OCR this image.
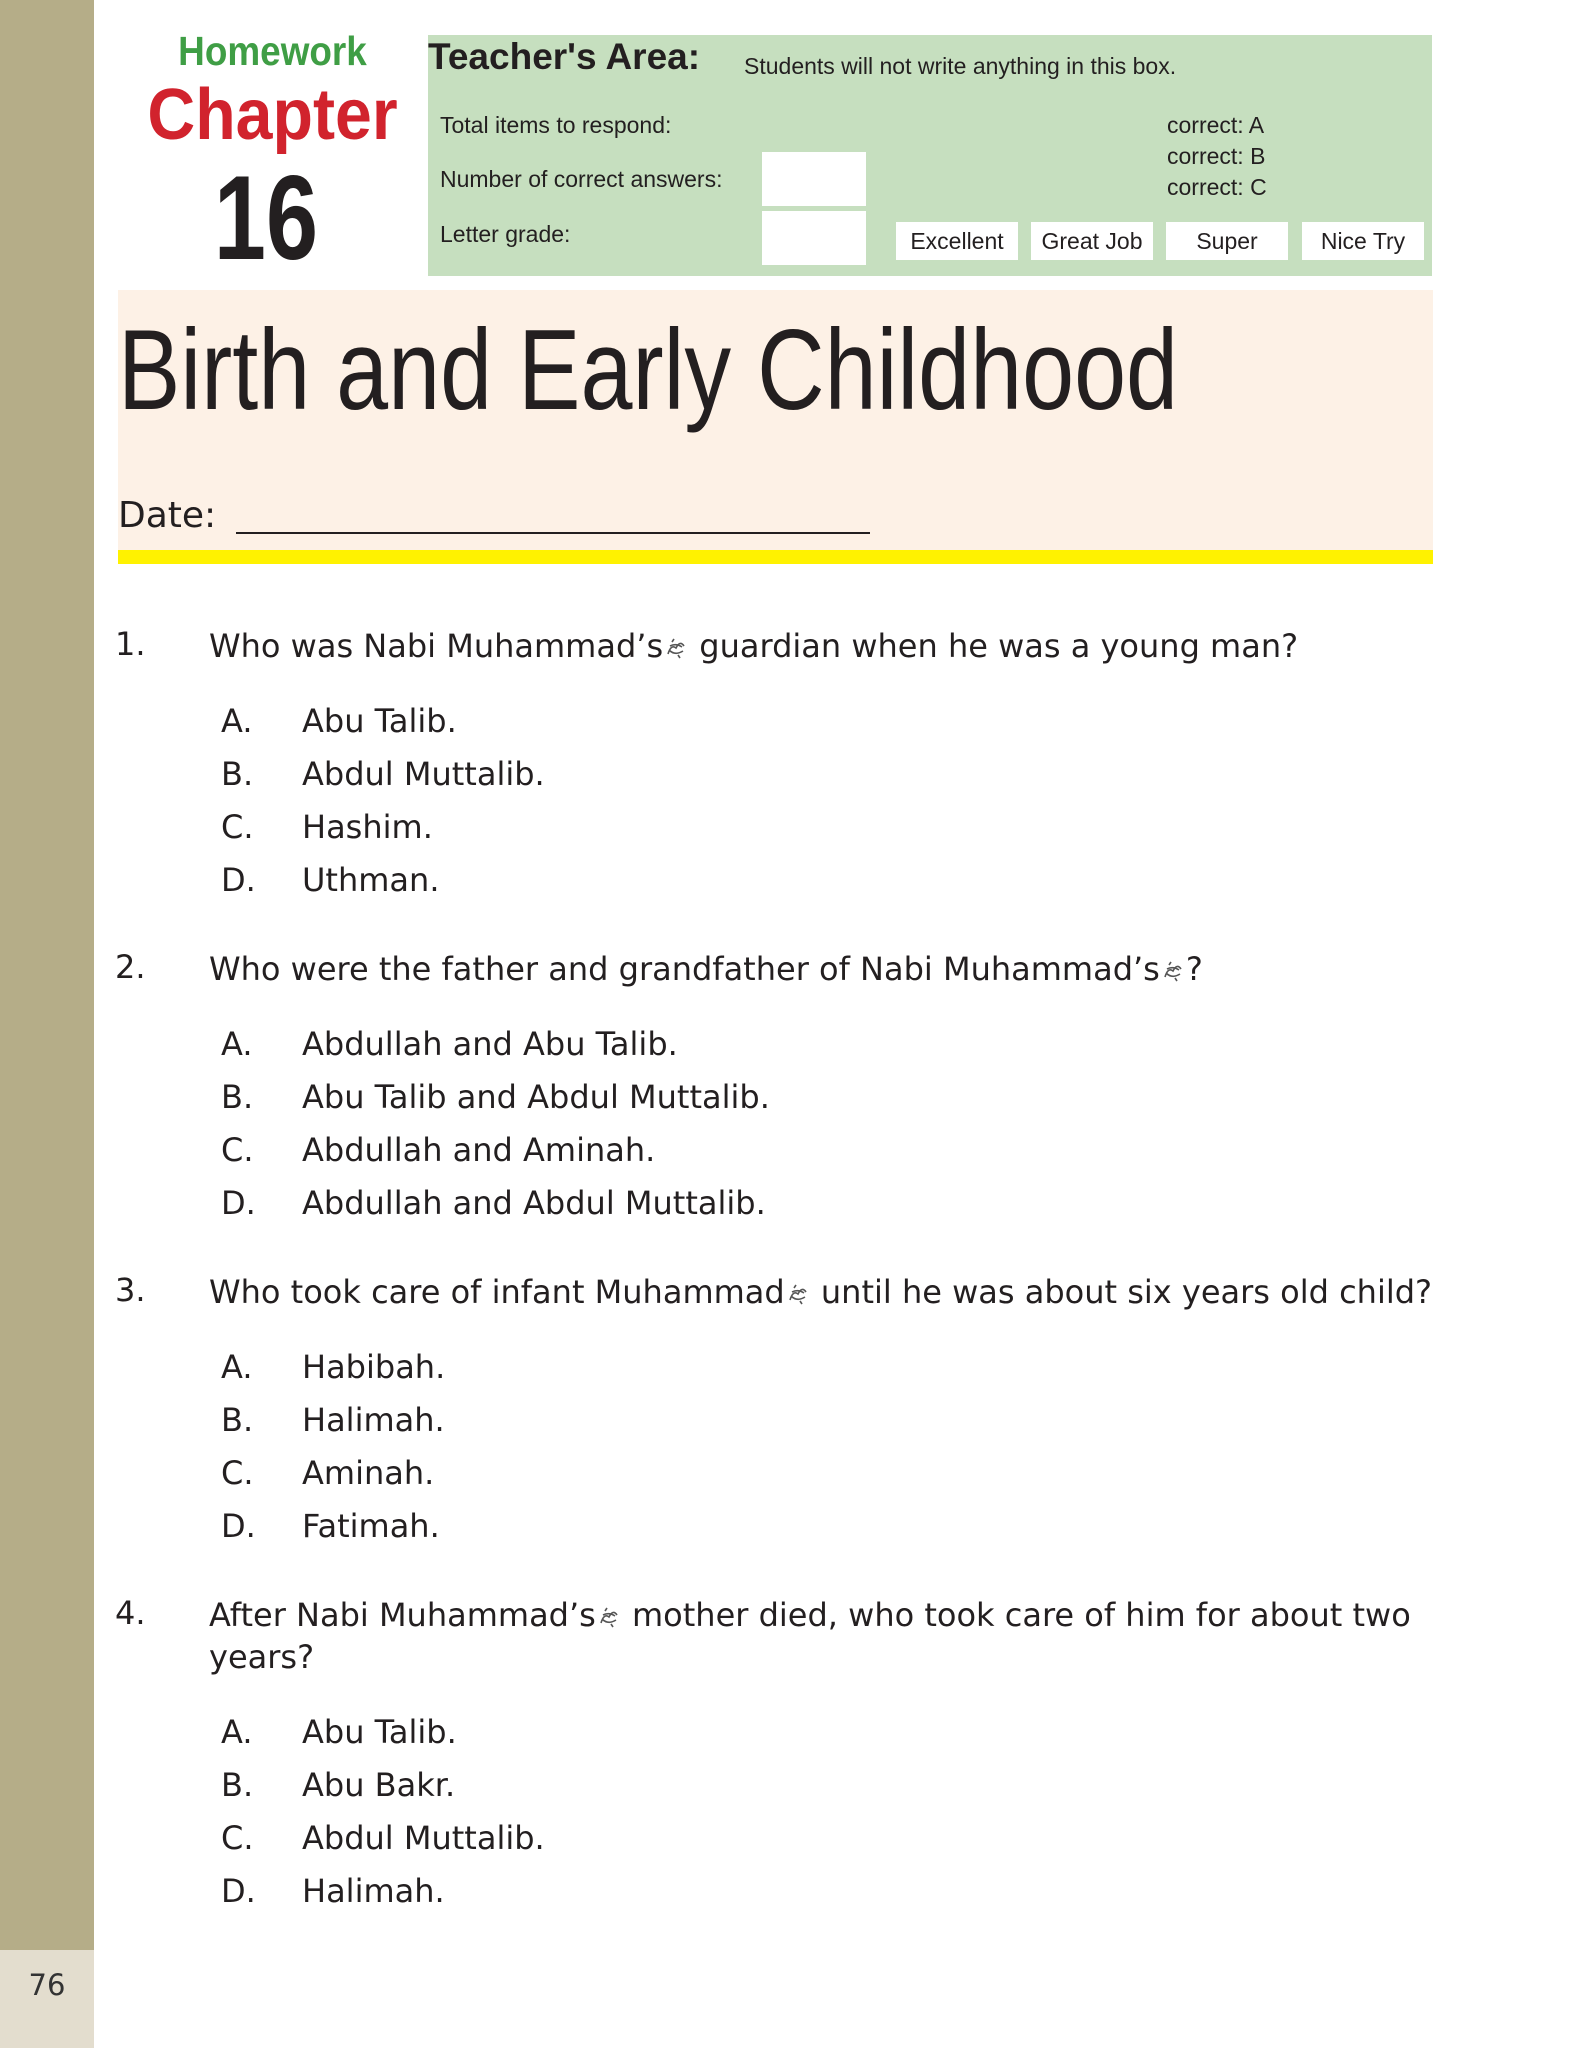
76
Homework
Chapter
16
Teacher's Area: Students will not write anything in this box.
Total items to respond:
Number of correct answers:
Letter grade:
correct: A
correct: B
correct: C
Excellent	Great Job	Super	Nice Try
Birth and Early Childhood
Date:
1. Who was Nabi Muhammad’s guardian when he was a young man?
A. Abu Talib.
B. Abdul Muttalib.
C. Hashim.
D. Uthman.
2. Who were the father and grandfather of Nabi Muhammad’s ?
A. Abdullah and Abu Talib.
B. Abu Talib and Abdul Muttalib.
C. Abdullah and Aminah.
D. Abdullah and Abdul Muttalib.
3. Who took care of infant Muhammad until he was about six years old child?
A. Habibah.
B. Halimah.
C. Aminah.
D. Fatimah.
4. After Nabi Muhammad’s mother died, who took care of him for about two years?
A. Abu Talib.
B. Abu Bakr.
C. Abdul Muttalib.
D. Halimah.
